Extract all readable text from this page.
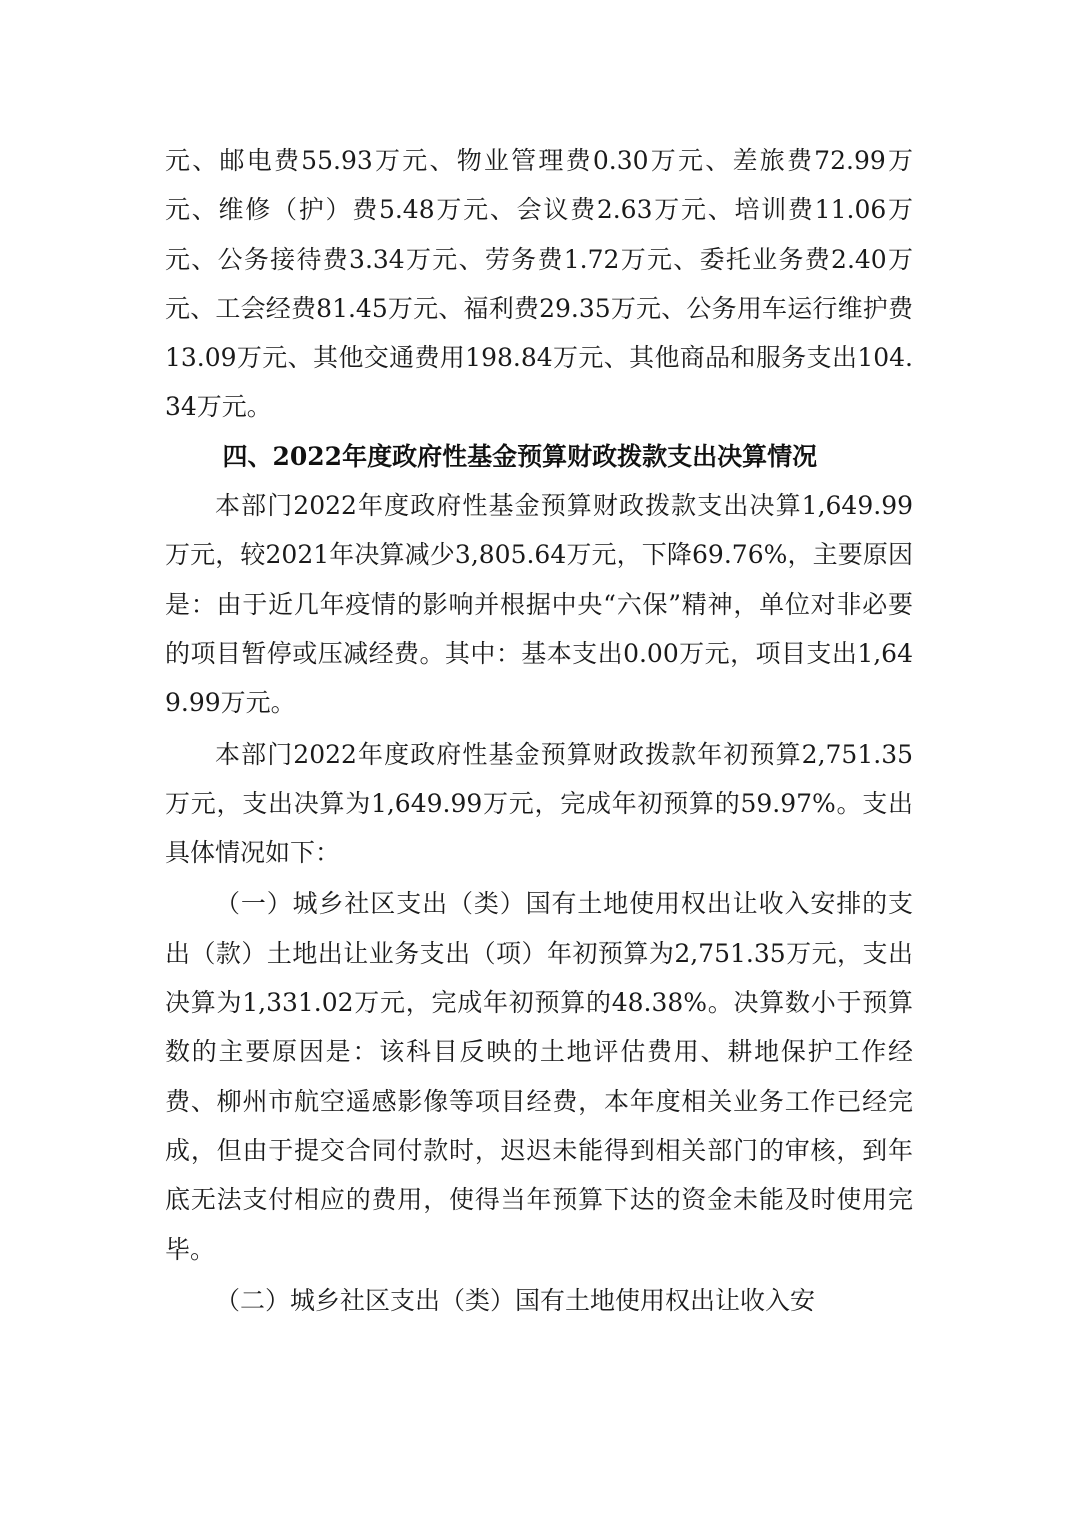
元、邮电费55.93万元、物业管理费0.30万元、差旅费72.99万元、维修（护）费5.48万元、会议费2.63万元、培训费11.06万元、公务接待费3.34万元、劳务费1.72万元、委托业务费2.40万元、工会经费81.45万元、福利费29.35万元、公务用车运行维护费13.09万元、其他交通费用198.84万元、其他商品和服务支出104.34万元。

四、2022年度政府性基金预算财政拨款支出决算情况

本部门2022年度政府性基金预算财政拨款支出决算1,649.99万元，较2021年决算减少3,805.64万元，下降69.76%，主要原因是：由于近几年疫情的影响并根据中央“六保”精神，单位对非必要的项目暂停或压减经费。其中：基本支出0.00万元，项目支出1,649.99万元。

本部门2022年度政府性基金预算财政拨款年初预算2,751.35万元，支出决算为1,649.99万元，完成年初预算的59.97%。支出具体情况如下：

（一）城乡社区支出（类）国有土地使用权出让收入安排的支出（款）土地出让业务支出（项）年初预算为2,751.35万元，支出决算为1,331.02万元，完成年初预算的48.38%。决算数小于预算数的主要原因是：该科目反映的土地评估费用、耕地保护工作经费、柳州市航空遥感影像等项目经费，本年度相关业务工作已经完成，但由于提交合同付款时，迟迟未能得到相关部门的审核，到年底无法支付相应的费用，使得当年预算下达的资金未能及时使用完毕。

（二）城乡社区支出（类）国有土地使用权出让收入安
